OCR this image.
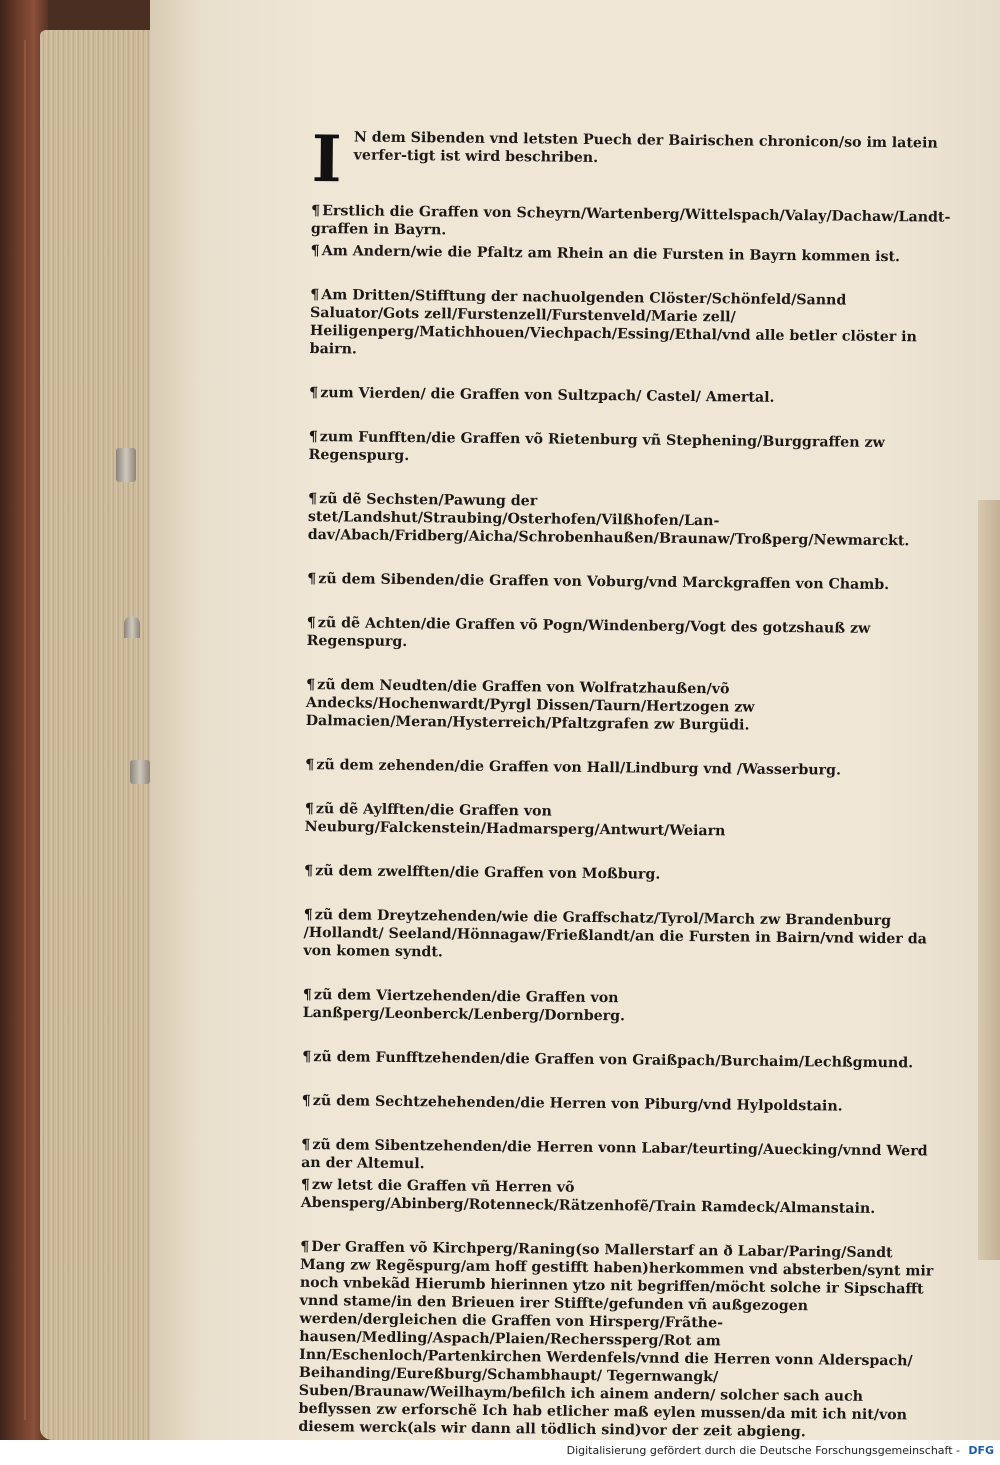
I N dem Sibenden vnd letsten Puech der Bairischen chronicon/so im latein verfer-tigt ist wird beschriben.
¶ Erstlich die Graffen von Scheyrn/Wartenberg/Wittelspach/Valay/Dachaw/Landt-graffen in Bayrn.
¶ Am Andern/wie die Pfaltz am Rhein an die Fursten in Bayrn kommen ist.
¶ Am Dritten/Stifftung der nachuolgenden Clöster/Schönfeld/Sannd Saluator/Gots zell/Furstenzell/Furstenveld/Marie zell/ Heiligenperg/Matichhouen/Viechpach/Essing/Ethal/vnd alle betler clöster in bairn.
¶ zum Vierden/ die Graffen von Sultzpach/ Castel/ Amertal.
¶ zum Funfften/die Graffen võ Rietenburg vñ Stephening/Burggraffen zw Regenspurg.
¶ zũ dẽ Sechsten/Pawung der stet/Landshut/Straubing/Osterhofen/Vilßhofen/Lan-dav/Abach/Fridberg/Aicha/Schrobenhaußen/Braunaw/Troßperg/Newmarckt.
¶ zũ dem Sibenden/die Graffen von Voburg/vnd Marckgraffen von Chamb.
¶ zũ dẽ Achten/die Graffen võ Pogn/Windenberg/Vogt des gotzshauß zw Regenspurg.
¶ zũ dem Neudten/die Graffen von Wolfratzhaußen/võ Andecks/Hochenwardt/Pyrgl Dissen/Taurn/Hertzogen zw Dalmacien/Meran/Hysterreich/Pfaltzgrafen zw Burgüdi.
¶ zũ dem zehenden/die Graffen von Hall/Lindburg vnd /Wasserburg.
¶ zũ dẽ Aylfften/die Graffen von Neuburg/Falckenstein/Hadmarsperg/Antwurt/Weiarn
¶ zũ dem zwelfften/die Graffen von Moßburg.
¶ zũ dem Dreytzehenden/wie die Graffschatz/Tyrol/March zw Brandenburg /Hollandt/ Seeland/Hönnagaw/Frießlandt/an die Fursten in Bairn/vnd wider da von komen syndt.
¶ zũ dem Viertzehenden/die Graffen von Lanßperg/Leonberck/Lenberg/Dornberg.
¶ zũ dem Funfftzehenden/die Graffen von Graißpach/Burchaim/Lechßgmund.
¶ zũ dem Sechtzehehenden/die Herren von Piburg/vnd Hylpoldstain.
¶ zũ dem Sibentzehenden/die Herren vonn Labar/teurting/Auecking/vnnd Werd an der Altemul.
¶ zw letst die Graffen vñ Herren võ Abensperg/Abinberg/Rotenneck/Rätzenhofẽ/Train Ramdeck/Almanstain.
¶ Der Graffen võ Kirchperg/Raning(so Mallerstarf an ð Labar/Paring/Sandt Mang zw Regẽspurg/am hoff gestifft haben)herkommen vnd absterben/synt mir noch vnbekãd Hierumb hierinnen ytzo nit begriffen/möcht solche ir Sipschafft vnnd stame/in den Brieuen irer Stiffte/gefunden vñ außgezogen werden/dergleichen die Graffen von Hirsperg/Frãthe-hausen/Medling/Aspach/Plaien/Recherssperg/Rot am Inn/Eschenloch/Partenkirchen Werdenfels/vnnd die Herren vonn Alderspach/ Beihanding/Eureßburg/Schambhaupt/ Tegernwangk/ Suben/Braunaw/Weilhaym/befilch ich ainem andern/ solcher sach auch beflyssen zw erforschẽ Ich hab etlicher maß eylen mussen/da mit ich nit/von diesem werck(als wir dann all tödlich sind)vor der zeit abgieng.
Digitalisierung gefördert durch die Deutsche Forschungsgemeinschaft - DFG
